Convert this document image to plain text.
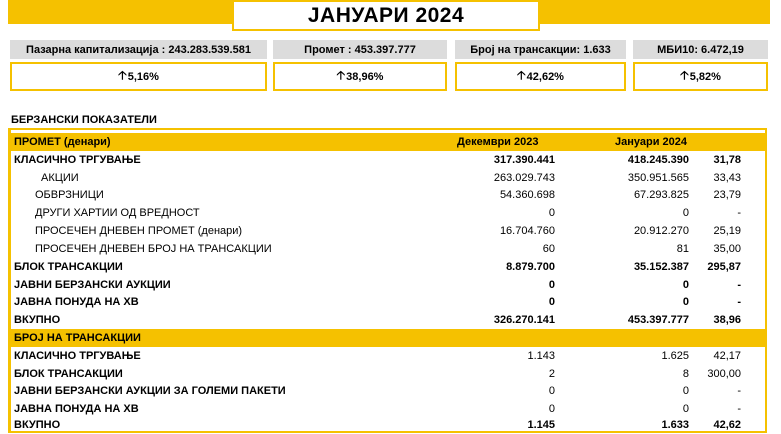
ЈАНУАРИ 2024
Пазарна капитализација : 243.283.539.581
🡡 5,16%
Промет : 453.397.777
🡡 38,96%
Број на трансакции: 1.633
🡡 42,62%
МБИ10: 6.472,19
🡡 5,82%
БЕРЗАНСКИ ПОКАЗАТЕЛИ
ПРОМЕТ (денари)	Декември 2023	Јануари 2024
КЛАСИЧНО ТРГУВАЊЕ	317.390.441	418.245.390 31,78
АКЦИИ	263.029.743	350.951.565 33,43
ОБВРЗНИЦИ	54.360.698	67.293.825 23,79
ДРУГИ ХАРТИИ ОД ВРЕДНОСТ	0	0	-
ПРОСЕЧЕН ДНЕВЕН ПРОМЕТ (денари)	16.704.760	20.912.270 25,19
ПРОСЕЧЕН ДНЕВЕН БРОЈ НА ТРАНСАКЦИИ	60	81 35,00
БЛОК ТРАНСАКЦИИ	8.879.700	35.152.387 295,87
ЈАВНИ БЕРЗАНСКИ АУКЦИИ	0	0	-
ЈАВНА ПОНУДА НА ХВ	0	0	-
ВКУПНО	326.270.141	453.397.777 38,96
БРОЈ НА ТРАНСАКЦИИ
КЛАСИЧНО ТРГУВАЊЕ	1.143	1.625 42,17
БЛОК ТРАНСАКЦИИ	2	8 300,00
ЈАВНИ БЕРЗАНСКИ АУКЦИИ ЗА ГОЛЕМИ ПАКЕТИ	0	0	-
ЈАВНА ПОНУДА НА ХВ	0	0	-
ВКУПНО	1.145	1.633 42,62
